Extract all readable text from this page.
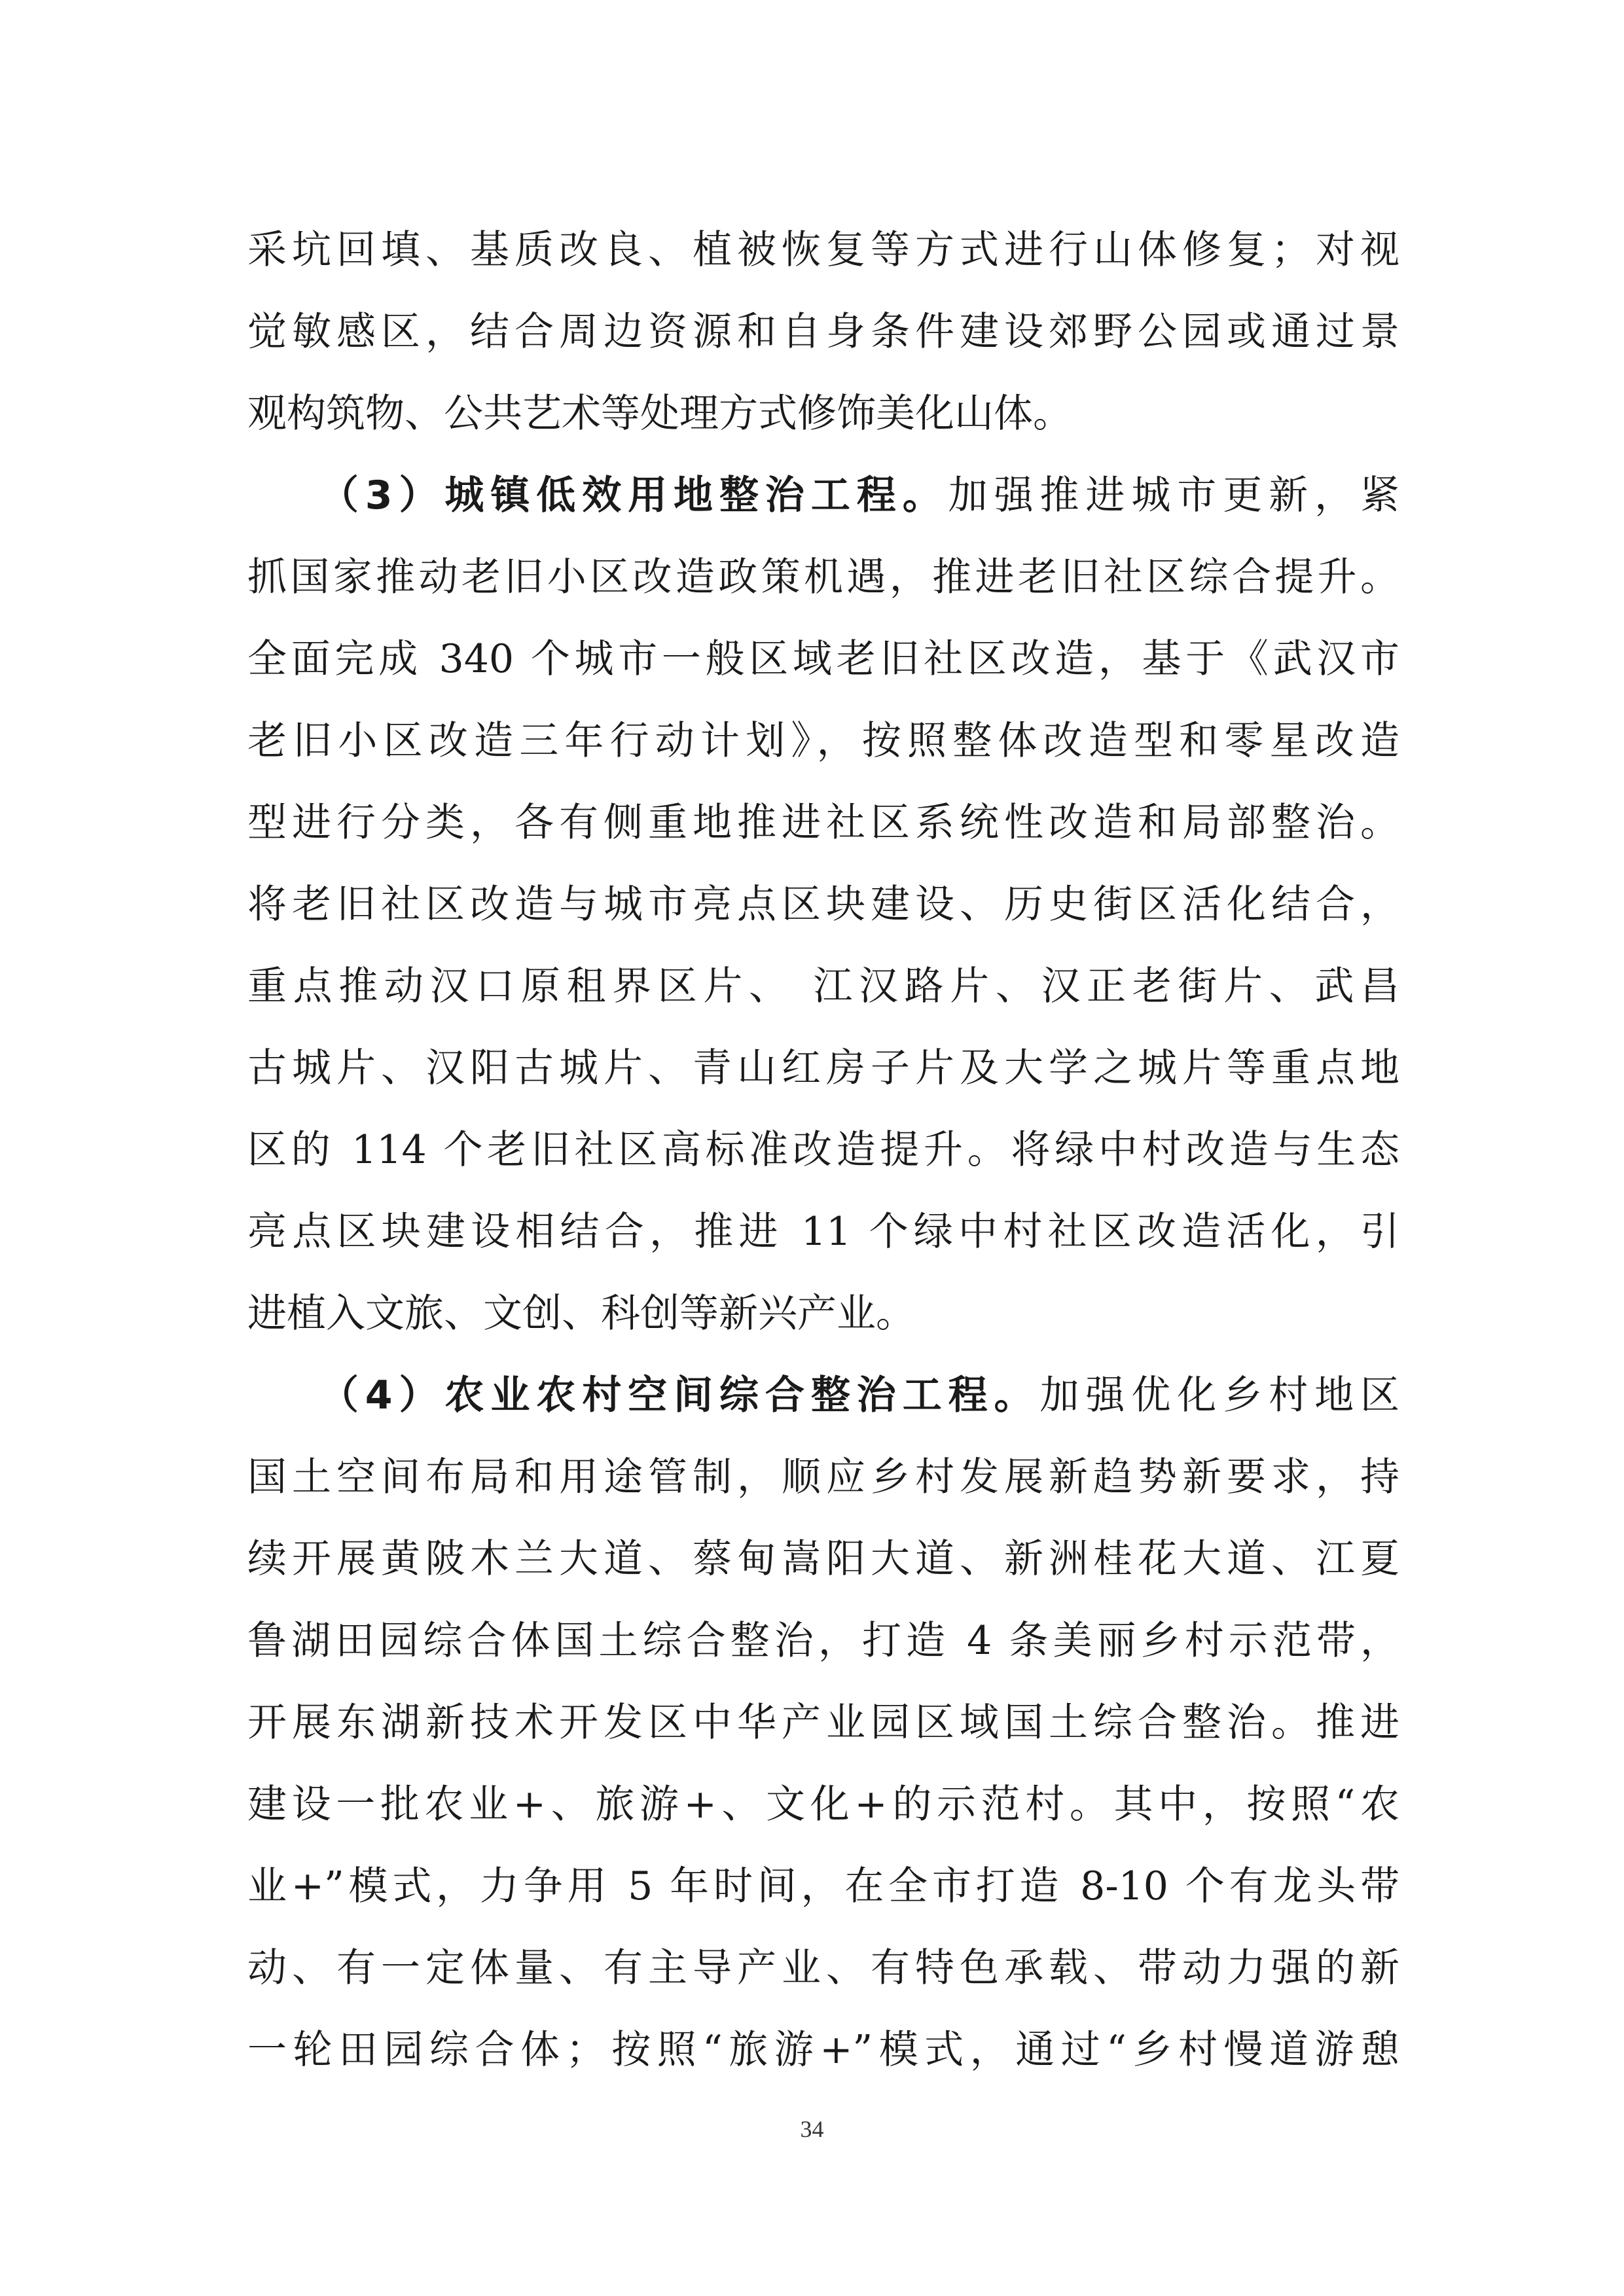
采坑回填、基质改良、植被恢复等方式进行山体修复；对视
觉敏感区，结合周边资源和自身条件建设郊野公园或通过景
观构筑物、公共艺术等处理方式修饰美化山体。
　　（3）城镇低效用地整治工程。加强推进城市更新，紧
抓国家推动老旧小区改造政策机遇，推进老旧社区综合提升。
全面完成 340 个城市一般区域老旧社区改造，基于《武汉市
老旧小区改造三年行动计划》，按照整体改造型和零星改造
型进行分类，各有侧重地推进社区系统性改造和局部整治。
将老旧社区改造与城市亮点区块建设、历史街区活化结合，
重点推动汉口原租界区片、 江汉路片、汉正老街片、武昌
古城片、汉阳古城片、青山红房子片及大学之城片等重点地
区的 114 个老旧社区高标准改造提升。将绿中村改造与生态
亮点区块建设相结合，推进 11 个绿中村社区改造活化，引
进植入文旅、文创、科创等新兴产业。
　　（4）农业农村空间综合整治工程。加强优化乡村地区
国土空间布局和用途管制，顺应乡村发展新趋势新要求，持
续开展黄陂木兰大道、蔡甸嵩阳大道、新洲桂花大道、江夏
鲁湖田园综合体国土综合整治，打造 4 条美丽乡村示范带，
开展东湖新技术开发区中华产业园区域国土综合整治。推进
建设一批农业+、旅游+、文化+的示范村。其中，按照“农
业+”模式，力争用 5 年时间，在全市打造 8-10 个有龙头带
动、有一定体量、有主导产业、有特色承载、带动力强的新
一轮田园综合体；按照“旅游+”模式，通过“乡村慢道游憩
34
